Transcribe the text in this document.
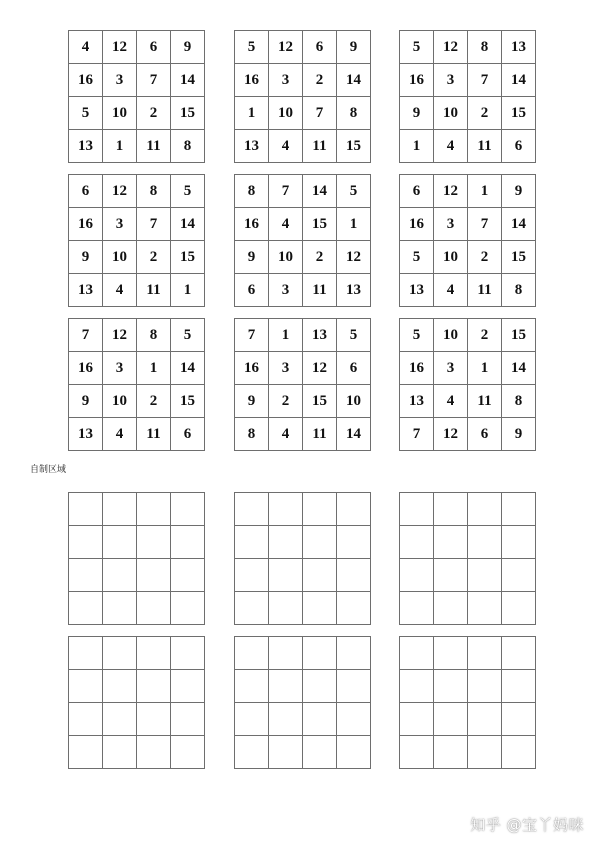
4	12	6	9
16	3	7	14
5	10	2	15
13	1	11	8
5	12	6	9
16	3	2	14
1	10	7	8
13	4	11	15
5	12	8	13
16	3	7	14
9	10	2	15
1	4	11	6
6	12	8	5
16	3	7	14
9	10	2	15
13	4	11	1
8	7	14	5
16	4	15	1
9	10	2	12
6	3	11	13
6	12	1	9
16	3	7	14
5	10	2	15
13	4	11	8
7	12	8	5
16	3	1	14
9	10	2	15
13	4	11	6
7	1	13	5
16	3	12	6
9	2	15	10
8	4	11	14
5	10	2	15
16	3	1	14
13	4	11	8
7	12	6	9
自制区域

知乎 @宝丫妈咪
